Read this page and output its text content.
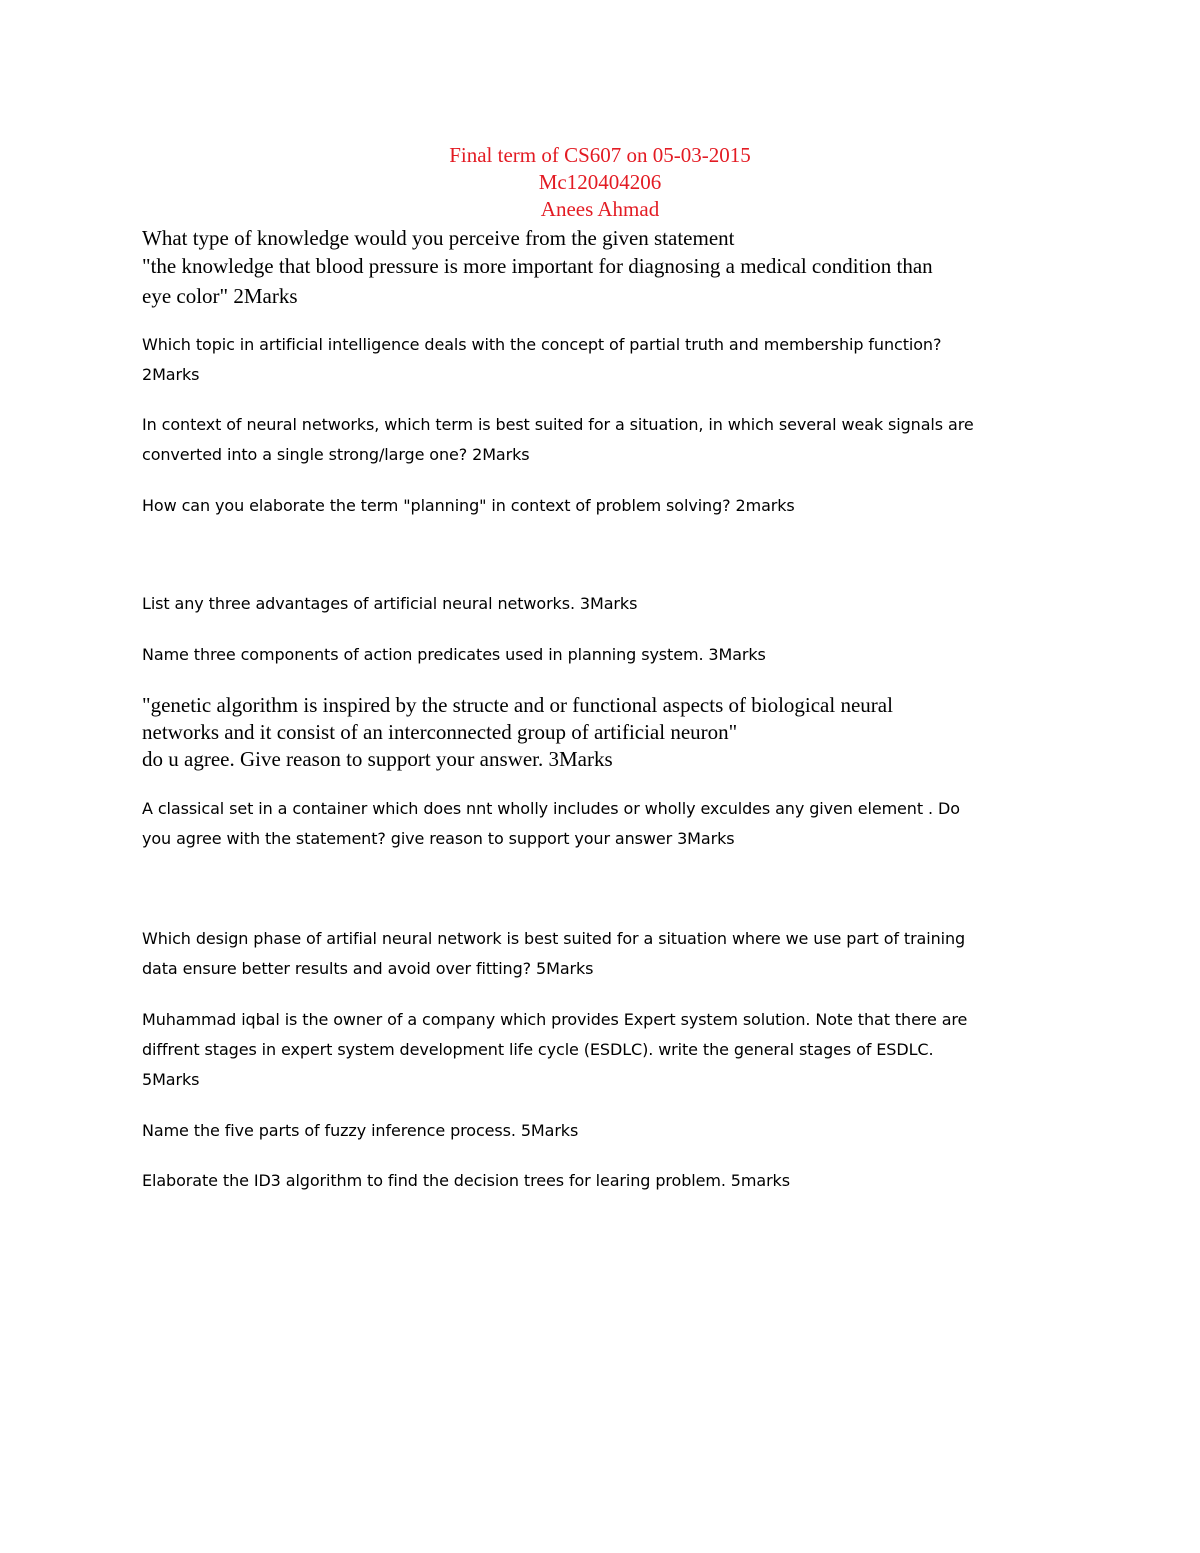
Final term of CS607 on 05-03-2015
Mc120404206
Anees Ahmad
What type of knowledge would you perceive from the given statement
"the knowledge that blood pressure is more important for diagnosing a medical condition than
eye color" 2Marks
Which topic in artificial intelligence deals with the concept of partial truth and membership function?
2Marks
In context of neural networks, which term is best suited for a situation, in which several weak signals are
converted into a single strong/large one? 2Marks
How can you elaborate the term "planning" in context of problem solving? 2marks
List any three advantages of artificial neural networks. 3Marks
Name three components of action predicates used in planning system. 3Marks
"genetic algorithm is inspired by the structe and or functional aspects of biological neural
networks and it consist of an interconnected group of artificial neuron"
do u agree. Give reason to support your answer. 3Marks
A classical set in a container which does nnt wholly includes or wholly exculdes any given element . Do
you agree with the statement? give reason to support your answer 3Marks
Which design phase of artifial neural network is best suited for a situation where we use part of training
data ensure better results and avoid over fitting? 5Marks
Muhammad iqbal is the owner of a company which provides Expert system solution. Note that there are
diffrent stages in expert system development life cycle (ESDLC). write the general stages of ESDLC.
5Marks
Name the five parts of fuzzy inference process. 5Marks
Elaborate the ID3 algorithm to find the decision trees for learing problem. 5marks
